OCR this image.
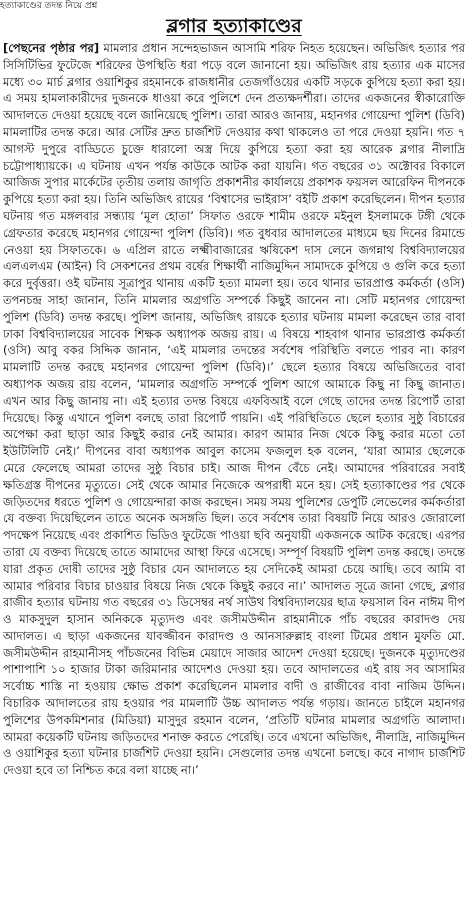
হত্যাকাণ্ডের তদন্ত নিয়ে প্রশ্ন
ব্লগার হত্যাকাণ্ডের

[পেছনের পৃষ্ঠার পর] মামলার প্রধান সন্দেহভাজন আসামি শরিফ নিহত হয়েছেন। অভিজিৎ হত্যার পর সিসিটিভির ফুটেজে শরিফের উপস্থিতি ধরা পড়ে বলে জানানো হয়। অভিজিৎ রায় হত্যার এক মাসের মধ্যে ৩০ মার্চ ব্লগার ওয়াশিকুর রহমানকে রাজধানীর তেজগাঁওয়ের একটি সড়কে কুপিয়ে হত্যা করা হয়। এ সময় হামলাকারীদের দুজনকে ধাওয়া করে পুলিশে দেন প্রত্যক্ষদর্শীরা। তাদের একজনের স্বীকারোক্তি আদালতে দেওয়া হয়েছে বলে জানিয়েছে পুলিশ। তারা আরও জানায়, মহানগর গোয়েন্দা পুলিশ (ডিবি) মামলাটির তদন্ত করে। আর সেটির দ্রুত চার্জশিট দেওয়ার কথা থাকলেও তা পরে দেওয়া হয়নি। গত ৭ আগস্ট দুপুরে বাড্ডিতে চুক্তে ধারালো অস্ত্র দিয়ে কুপিয়ে হত্যা করা হয় আরেক ব্লগার নীলাদ্রি চট্টোপাধ্যায়কে। এ ঘটনায় এখন পর্যন্ত কাউকে আটক করা যায়নি। গত বছরের ৩১ অক্টোবর বিকালে আজিজ সুপার মার্কেটের তৃতীয় তলায় জাগৃতি প্রকাশনীর কার্যালয়ে প্রকাশক ফয়সল আরেফিন দীপনকে কুপিয়ে হত্যা করা হয়। তিনি অভিজিৎ রায়ের ‘বিশ্বাসের ভাইরাস’ বইটি প্রকাশ করেছিলেন। দীপন হত্যার ঘটনায় গত মঙ্গলবার সন্ধ্যায় ‘মূল হোতা’ সিফাত ওরফে শামীম ওরফে মইনুল ইসলামকে টঙ্গী থেকে গ্রেফতার করেছে মহানগর গোয়েন্দা পুলিশ (ডিবি)। গত বুধবার আদালতের মাধ্যমে ছয় দিনের রিমান্ডে নেওয়া হয় সিফাতকে। ৬ এপ্রিল রাতে লক্ষ্মীবাজারের ঋষিকেশ দাস লেনে জগন্নাথ বিশ্ববিদ্যালয়ের এলএলএম (আইন) বি সেকশনের প্রথম বর্ষের শিক্ষার্থী নাজিমুদ্দিন সামাদকে কুপিয়ে ও গুলি করে হত্যা করে দুর্বৃত্তরা। ওই ঘটনায় সূত্রাপুর থানায় একটি হত্যা মামলা হয়। তবে থানার ভারপ্রাপ্ত কর্মকর্তা (ওসি) তপনচন্দ্র সাহা জানান, তিনি মামলার অগ্রগতি সম্পর্কে কিছুই জানেন না। সেটি মহানগর গোয়েন্দা পুলিশ (ডিবি) তদন্ত করছে। পুলিশ জানায়, অভিজিৎ রায়কে হত্যার ঘটনায় মামলা করেছেন তার বাবা ঢাকা বিশ্ববিদ্যালয়ের সাবেক শিক্ষক অধ্যাপক অজয় রায়। এ বিষয়ে শাহবাগ থানার ভারপ্রাপ্ত কর্মকর্তা (ওসি) আবু বকর সিদ্দিক জানান, ‘এই মামলার তদন্তের সর্বশেষ পরিস্থিতি বলতে পারব না। কারণ মামলাটি তদন্ত করছে মহানগর গোয়েন্দা পুলিশ (ডিবি)।’ ছেলে হত্যার বিষয়ে অভিজিতের বাবা অধ্যাপক অজয় রায় বলেন, ‘মামলার অগ্রগতি সম্পর্কে পুলিশ আগে আমাকে কিছু না কিছু জানাত। এখন আর কিছু জানায় না। এই হত্যার তদন্ত বিষয়ে এফবিআই বলে গেছে তাদের তদন্ত রিপোর্ট তারা দিয়েছে। কিন্তু এখানে পুলিশ বলছে তারা রিপোর্ট পায়নি। এই পরিস্থিতিতে ছেলে হত্যার সুষ্ঠু বিচারের অপেক্ষা করা ছাড়া আর কিছুই করার নেই আমার। কারণ আমার নিজ থেকে কিছু করার মতো তো ইউটিলিটি নেই।’ দীপনের বাবা অধ্যাপক আবুল কাসেম ফজলুল হক বলেন, ‘যারা আমার ছেলেকে মেরে ফেলেছে আমরা তাদের সুষ্ঠু বিচার চাই। আজ দীপন বেঁচে নেই। আমাদের পরিবারের সবাই ক্ষতিগ্রস্ত দীপনের মৃত্যুতে। সেই থেকে আমার নিজেকে অপরাধী মনে হয়। সেই হত্যাকাণ্ডের পর থেকে জড়িতদের ধরতে পুলিশ ও গোয়েন্দারা কাজ করছেন। সময় সময় পুলিশের ডেপুটি লেভেলের কর্মকর্তারা যে বক্তব্য দিয়েছিলেন তাতে অনেক অসঙ্গতি ছিল। তবে সর্বশেষ তারা বিষয়টি নিয়ে আরও জোরালো পদক্ষেপ নিয়েছে এবং প্রকাশিত ভিডিও ফুটেজে পাওয়া ছবি অনুযায়ী একজনকে আটক করেছে। এরপর তারা যে বক্তব্য দিয়েছে তাতে আমাদের আস্থা ফিরে এসেছে। সম্পূর্ণ বিষয়টি পুলিশ তদন্ত করছে। তদন্তে যারা প্রকৃত দোষী তাদের সুষ্ঠু বিচার যেন আদালতে হয় সেদিকেই আমরা চেয়ে আছি। তবে আমি বা আমার পরিবার বিচার চাওয়ার বিষয়ে নিজ থেকে কিছুই করবে না।’ আদালত সূত্রে জানা গেছে, ব্লগার রাজীব হত্যার ঘটনায় গত বছরের ৩১ ডিসেম্বর নর্থ সাউথ বিশ্ববিদ্যালয়ের ছাত্র ফয়সাল বিন নাঈম দীপ ও মাকসুদুল হাসান অনিককে মৃত্যুদণ্ড এবং জসীমউদ্দীন রাহমানীকে পাঁচ বছরের কারাদণ্ড দেয় আদালত। এ ছাড়া একজনের যাবজ্জীবন কারাদণ্ড ও আনসারুল্লাহ বাংলা টিমের প্রধান মুফতি মো. জসীমউদ্দীন রাহমানীসহ পাঁচজনের বিভিন্ন মেয়াদে সাজার আদেশ দেওয়া হয়েছে। দুজনকে মৃত্যুদণ্ডের পাশাপাশি ১০ হাজার টাকা জরিমানার আদেশও দেওয়া হয়। তবে আদালতের এই রায় সব আসামির সর্বোচ্চ শাস্তি না হওয়ায় ক্ষোভ প্রকাশ করেছিলেন মামলার বাদী ও রাজীবের বাবা নাজিম উদ্দিন। বিচারিক আদালতের রায় হওয়ার পর মামলাটি উচ্চ আদালত পর্যন্ত গড়ায়। জানতে চাইলে মহানগর পুলিশের উপকমিশনার (মিডিয়া) মাসুদুর রহমান বলেন, ‘প্রতিটি ঘটনার মামলার অগ্রগতি আলাদা। আমরা কয়েকটি ঘটনায় জড়িতদের শনাক্ত করতে পেরেছি। তবে এখনো অভিজিৎ, নীলাদ্রি, নাজিমুদ্দিন ও ওয়াশিকুর হত্যা ঘটনার চার্জশিট দেওয়া হয়নি। সেগুলোর তদন্ত এখনো চলছে। কবে নাগাদ চার্জশিট দেওয়া হবে তা নিশ্চিত করে বলা যাচ্ছে না।’
